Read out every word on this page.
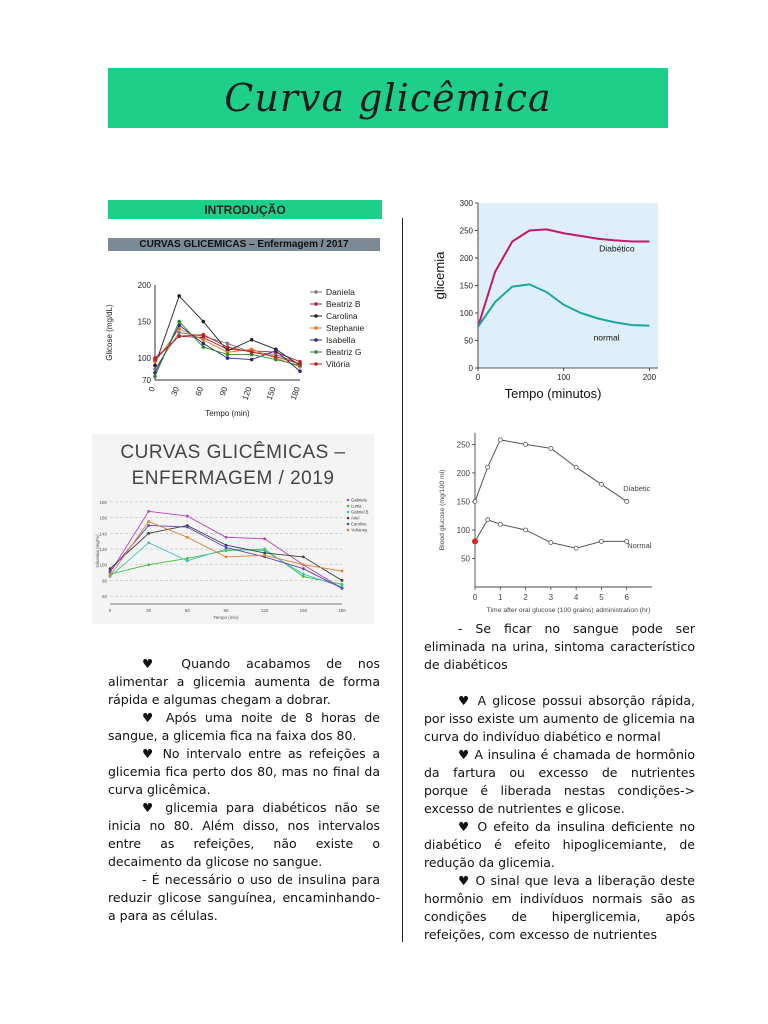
Curva glicêmica
INTRODUÇÃO
CURVAS GLICEMICAS – Enfermagem / 2017
70
100
150
200
0 30 60 90 120 150 180
Tempo (min)
Glicose (mg/dL)
Daniela
Beatriz B
Carolina
Stephanie
Isabella
Beatriz G
Vitória
CURVAS GLICÊMICAS –
ENFERMAGEM / 2019
60
80
100
120
140
160
180
0	30	60	90	120	150	180
Tempo (min)
Glicemia (mg/%)
Gabriela
Luma
Gabriel B
Ariel
Caroline
Yohanna
0
50
100
150
200
250
300
0	100	200
Tempo (minutos)
glicemia
Diabético
normal
50
100
150
200
250
0	1	2	3	4	5	6
Time after oral glucose (100 grains) administration (hr)
Blood glucose (mg/100 ml)	Diabetic
Normal

♥ Quando acabamos de nos alimentar a glicemia aumenta de forma rápida e algumas chegam a dobrar.

♥ Após uma noite de 8 horas de sangue, a glicemia fica na faixa dos 80.

♥ No intervalo entre as refeições a glicemia fica perto dos 80, mas no final da curva glicêmica.

♥ glicemia para diabéticos não se inicia no 80. Além disso, nos intervalos entre as refeições, não existe o decaimento da glicose no sangue.

- É necessário o uso de insulina para reduzir glicose sanguínea, encaminhando-a para as células.

- Se ficar no sangue pode ser eliminada na urina, sintoma característico de diabéticos

♥ A glicose possui absorção rápida, por isso existe um aumento de glicemia na curva do indivíduo diabético e normal

♥ A insulina é chamada de hormônio da fartura ou excesso de nutrientes porque é liberada nestas condições-> excesso de nutrientes e glicose.

♥ O efeito da insulina deficiente no diabético é efeito hipoglicemiante, de redução da glicemia.

♥ O sinal que leva a liberação deste hormônio em indivíduos normais são as condições de hiperglicemia, após refeições, com excesso de nutrientes
